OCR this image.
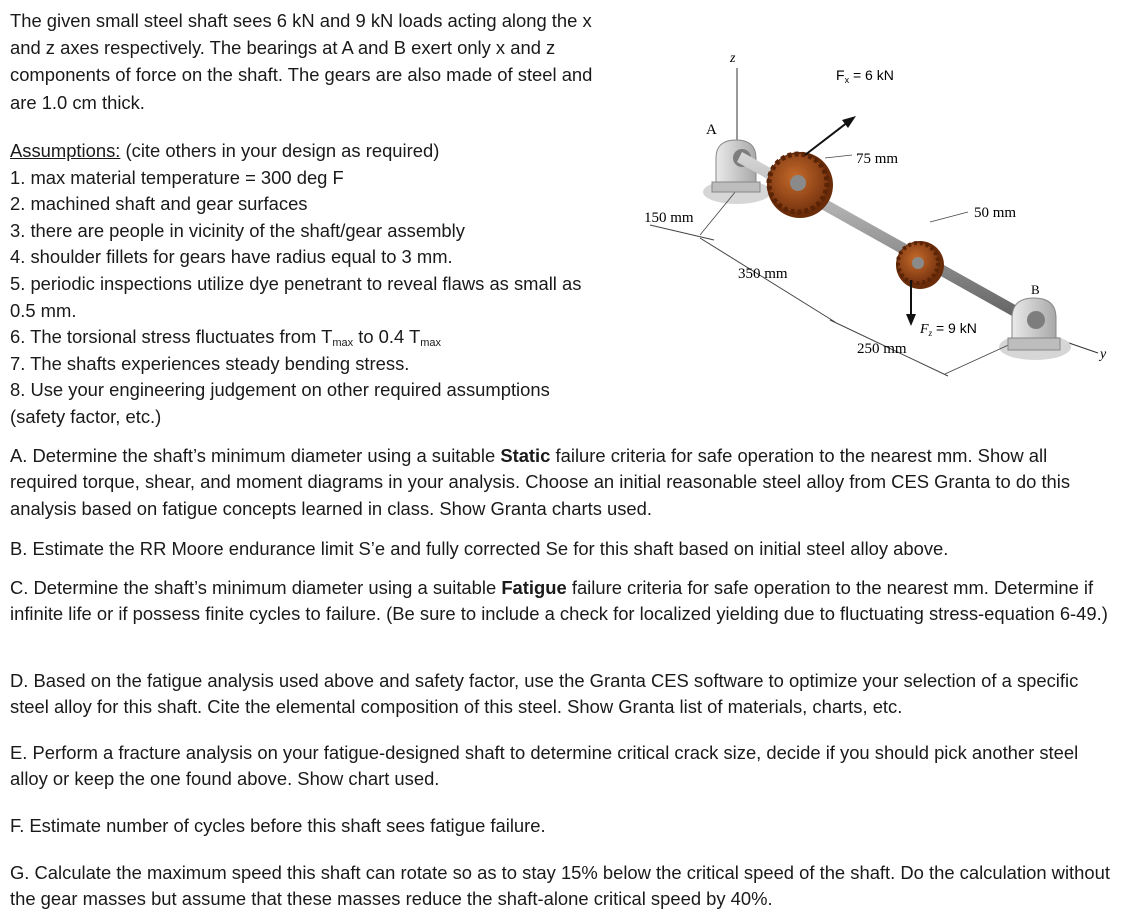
The given small steel shaft sees 6 kN and 9 kN loads acting along the x and z axes respectively. The bearings at A and B exert only x and z components of force on the shaft. The gears are also made of steel and are 1.0 cm thick.

Assumptions: (cite others in your design as required)

1. max material temperature = 300 deg F

2. machined shaft and gear surfaces

3. there are people in vicinity of the shaft/gear assembly

4. shoulder fillets for gears have radius equal to 3 mm.

5. periodic inspections utilize dye penetrant to reveal flaws as small as 0.5 mm.

6. The torsional stress fluctuates from $T_{max}$ to 0.4 $T_{max}$

7. The shafts experiences steady bending stress.

8. Use your engineering judgement on other required assumptions (safety factor, etc.)

z
y
A
B
$F_x = 6$ kN
$F_z = 9$ kN
75 mm
50 mm
150 mm
350 mm
250 mm

A. Determine the shaft’s minimum diameter using a suitable Static failure criteria for safe operation to the nearest mm. Show all required torque, shear, and moment diagrams in your analysis. Choose an initial reasonable steel alloy from CES Granta to do this analysis based on fatigue concepts learned in class. Show Granta charts used.

B. Estimate the RR Moore endurance limit S’e and fully corrected Se for this shaft based on initial steel alloy above.

C. Determine the shaft’s minimum diameter using a suitable Fatigue failure criteria for safe operation to the nearest mm. Determine if infinite life or if possess finite cycles to failure. (Be sure to include a check for localized yielding due to fluctuating stress-equation 6-49.)

D. Based on the fatigue analysis used above and safety factor, use the Granta CES software to optimize your selection of a specific steel alloy for this shaft. Cite the elemental composition of this steel. Show Granta list of materials, charts, etc.

E. Perform a fracture analysis on your fatigue-designed shaft to determine critical crack size, decide if you should pick another steel alloy or keep the one found above. Show chart used.

F. Estimate number of cycles before this shaft sees fatigue failure.

G. Calculate the maximum speed this shaft can rotate so as to stay 15% below the critical speed of the shaft. Do the calculation without the gear masses but assume that these masses reduce the shaft-alone critical speed by 40%.
